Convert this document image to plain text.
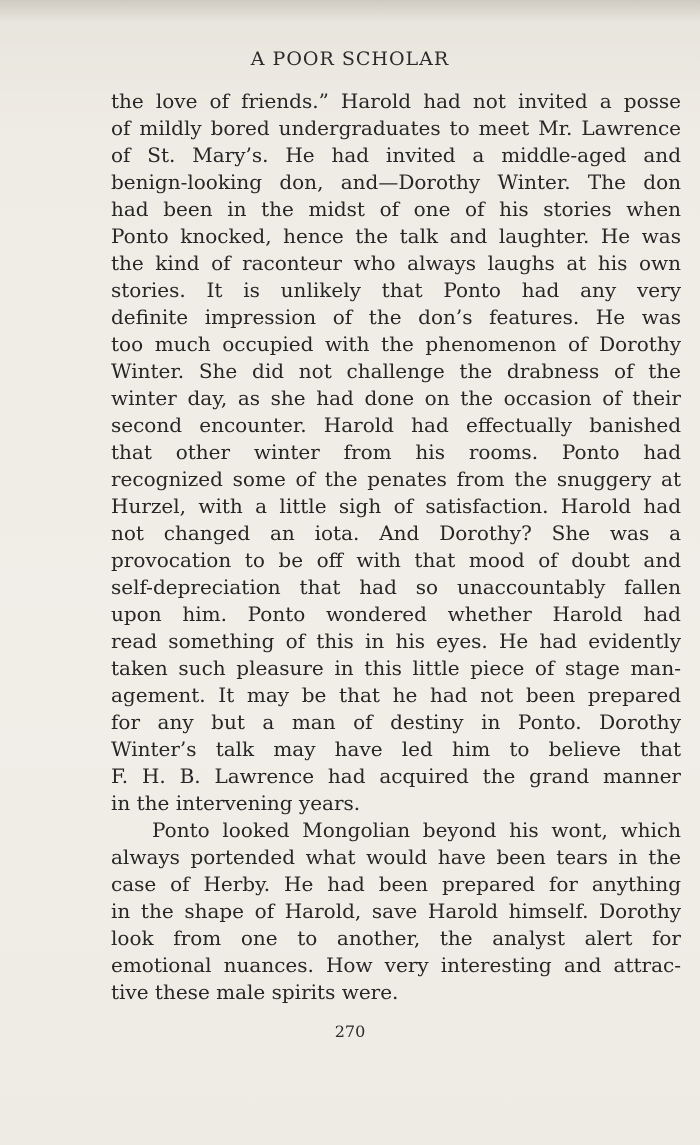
A POOR SCHOLAR
the love of friends.” Harold had not invited a posse
of mildly bored undergraduates to meet Mr. Lawrence
of St. Mary’s. He had invited a middle-aged and
benign-looking don, and—Dorothy Winter. The don
had been in the midst of one of his stories when
Ponto knocked, hence the talk and laughter. He was
the kind of raconteur who always laughs at his own
stories. It is unlikely that Ponto had any very
definite impression of the don’s features. He was
too much occupied with the phenomenon of Dorothy
Winter. She did not challenge the drabness of the
winter day, as she had done on the occasion of their
second encounter. Harold had effectually banished
that other winter from his rooms. Ponto had
recognized some of the penates from the snuggery at
Hurzel, with a little sigh of satisfaction. Harold had
not changed an iota. And Dorothy? She was a
provocation to be off with that mood of doubt and
self-depreciation that had so unaccountably fallen
upon him. Ponto wondered whether Harold had
read something of this in his eyes. He had evidently
taken such pleasure in this little piece of stage man-
agement. It may be that he had not been prepared
for any but a man of destiny in Ponto. Dorothy
Winter’s talk may have led him to believe that
F. H. B. Lawrence had acquired the grand manner
in the intervening years.
Ponto looked Mongolian beyond his wont, which
always portended what would have been tears in the
case of Herby. He had been prepared for anything
in the shape of Harold, save Harold himself. Dorothy
look from one to another, the analyst alert for
emotional nuances. How very interesting and attrac-
tive these male spirits were.
270
